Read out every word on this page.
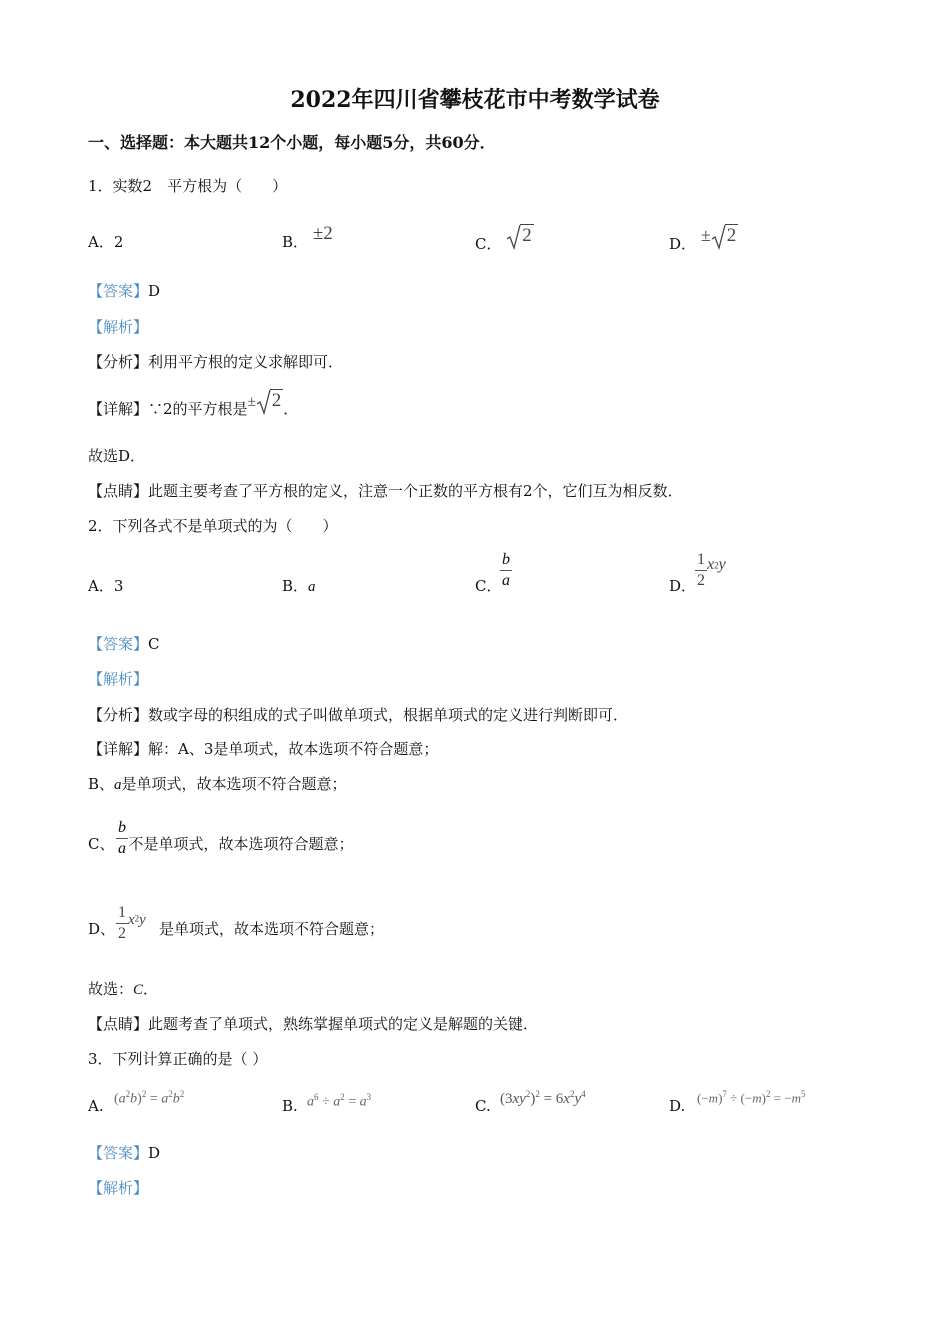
2022年四川省攀枝花市中考数学试卷
一、选择题：本大题共12个小题，每小题5分，共60分．
1．实数2　平方根为（　　）
A．2	B． ±2	C． 2	D． ± 2
【答案】D
【解析】
【分析】利用平方根的定义求解即可．
【详解】∵2的平方根是± 2 ．
故选D．
【点睛】此题主要考查了平方根的定义，注意一个正数的平方根有2个，它们互为相反数．
2．下列各式不是单项式的为（　　）
A．3	B．a	C．
b
a	D．
$\frac{1}{2} x^2y$
【答案】C
【解析】
【分析】数或字母的积组成的式子叫做单项式，根据单项式的定义进行判断即可．
【详解】解：A、3是单项式，故本选项不符合题意；
B、a是单项式，故本选项不符合题意；
C、 不是单项式，故本选项符合题意；
b
a
D、	是单项式，故本选项不符合题意；
$\frac{1}{2} x^2y$
故选：C．
【点睛】此题考查了单项式，熟练掌握单项式的定义是解题的关键．
3．下列计算正确的是（ ）
A. $(a^2b)^2 = a^2b^2$
B. $a^6 \div a^2 = a^3$	C. $(3xy^2)^2 = 6x^2y^4$
D. $(-m)^7 \div (-m)^2 = -m^5$
【答案】D
【解析】
